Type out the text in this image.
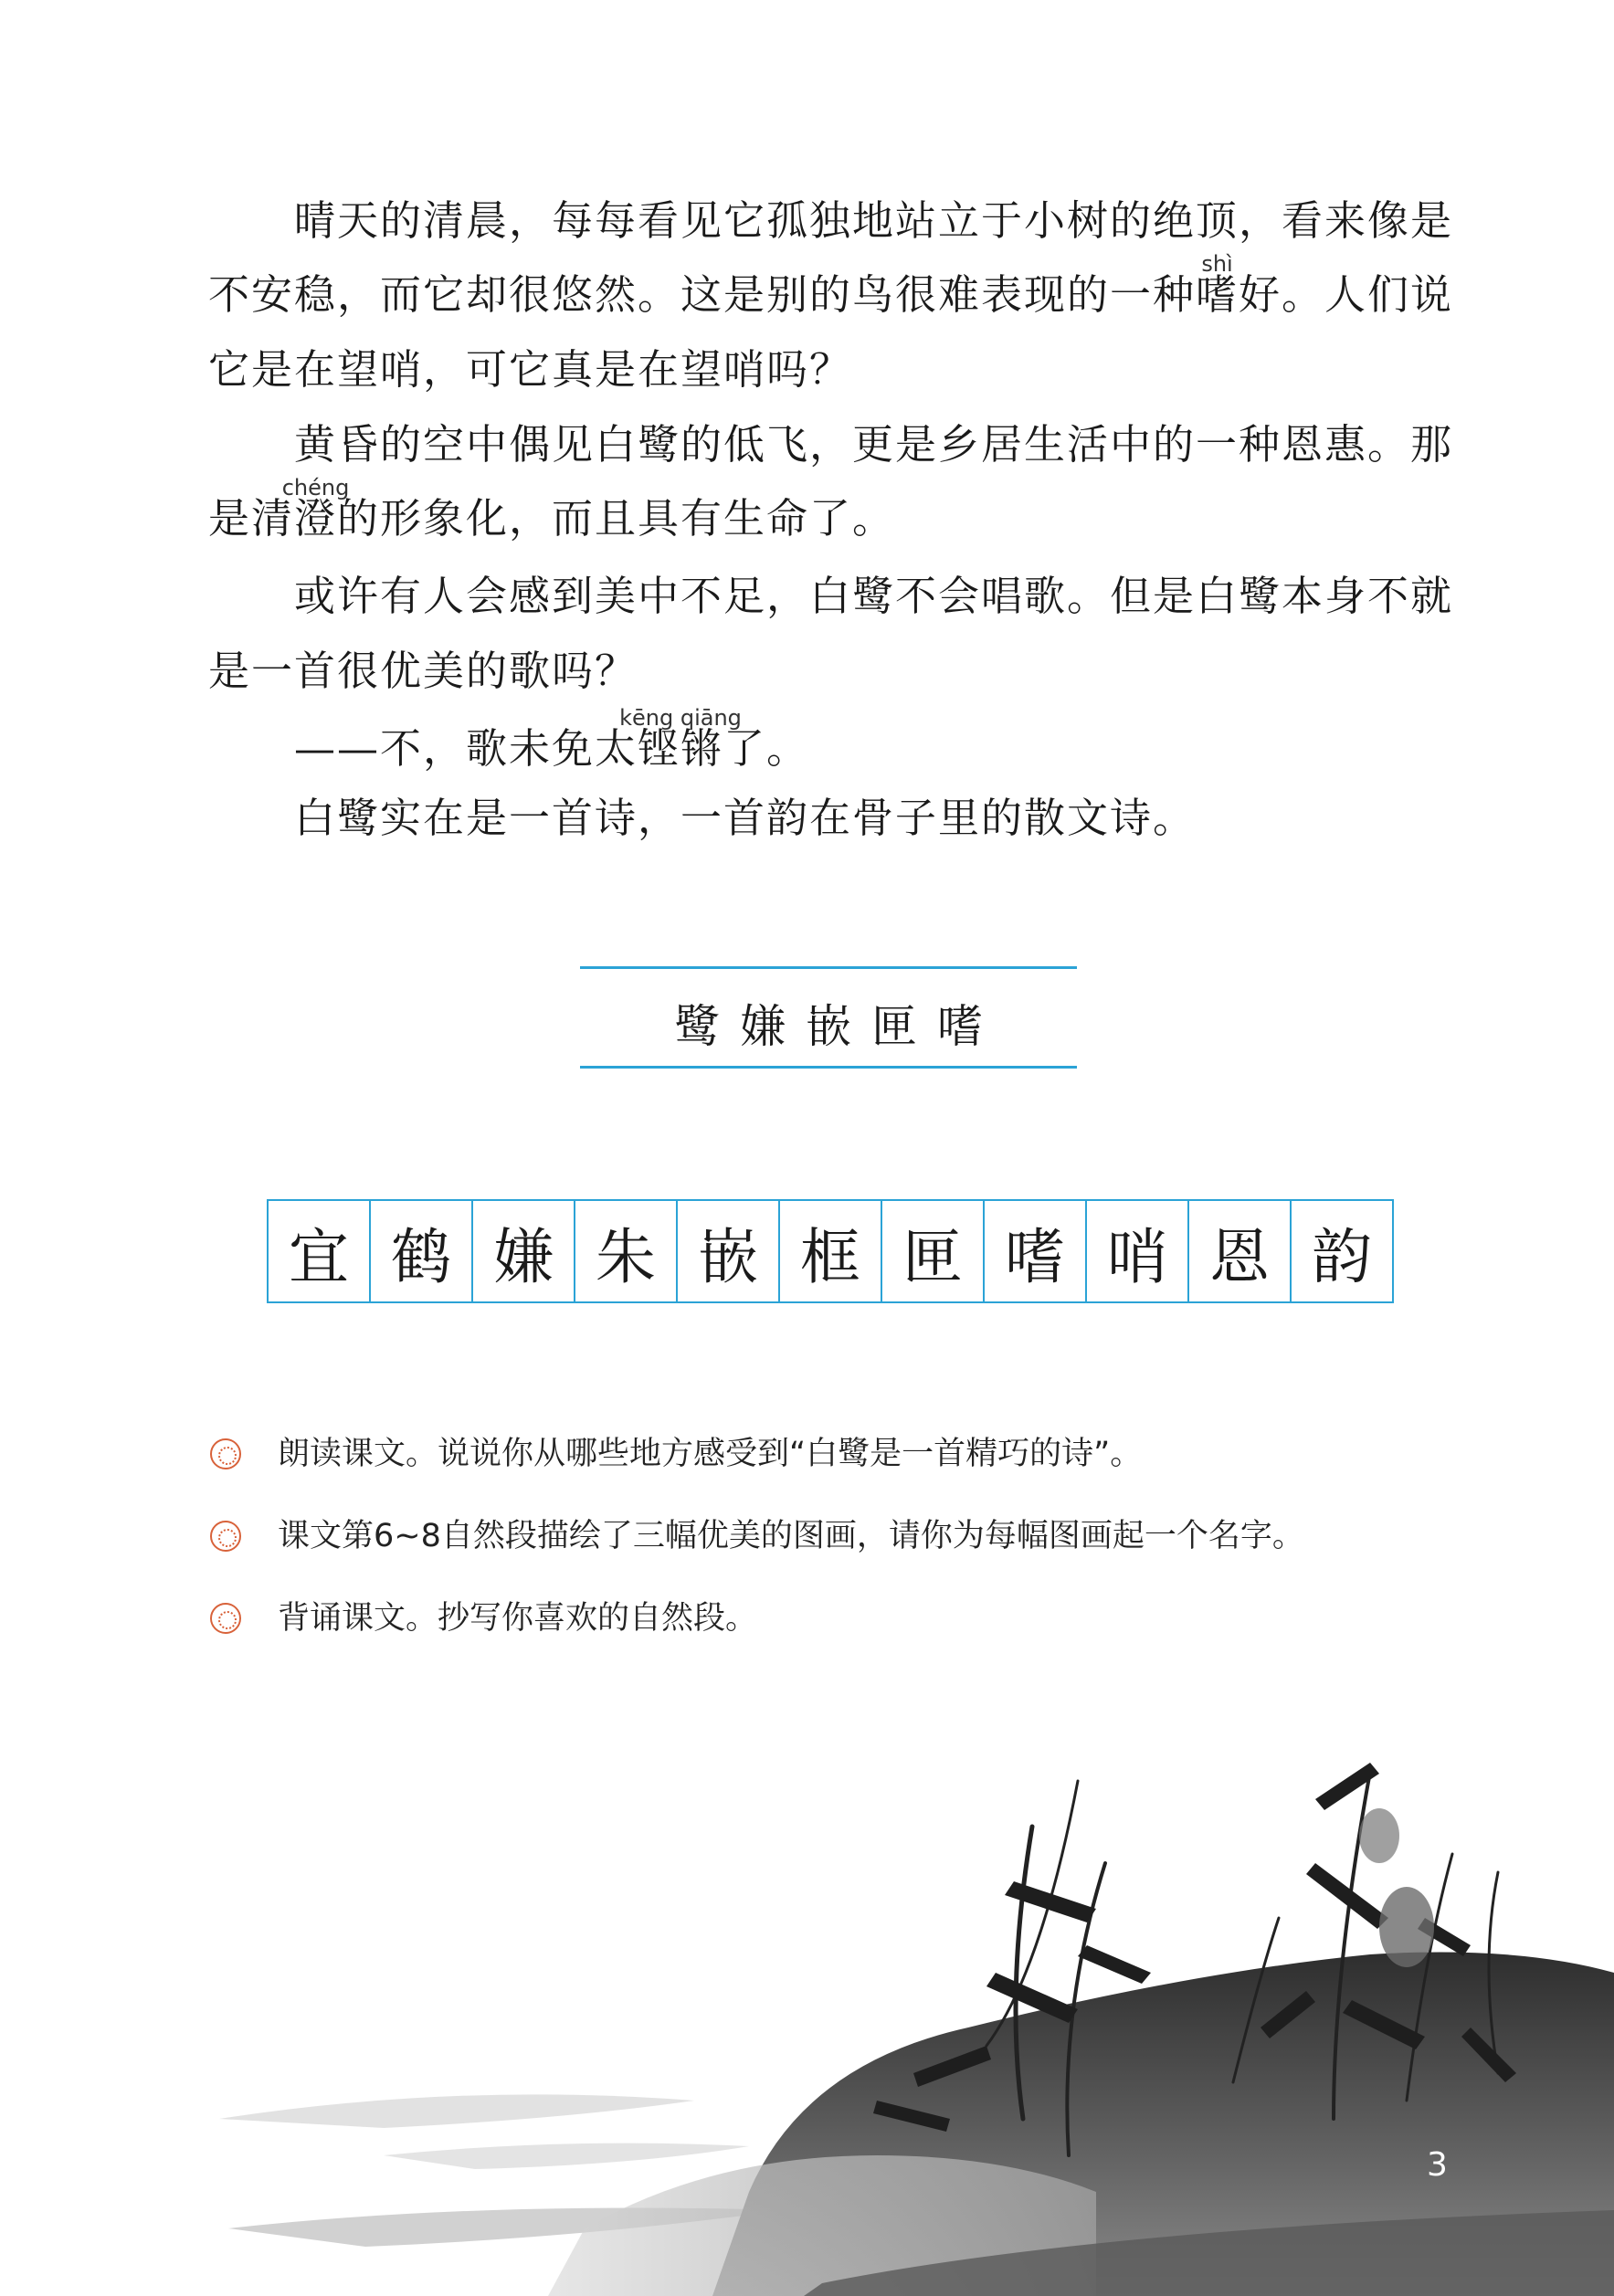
晴天的清晨，每每看见它孤独地站立于小树的绝顶，看来像是
不安稳，而它却很悠然。这是别的鸟很难表现的一种
shì
嗜好。人们说
它是在望哨，可它真是在望哨吗？
黄昏的空中偶见白鹭的低飞，更是乡居生活中的一种恩惠。那
是清
chéng
澄的形象化，而且具有生命了。
或许有人会感到美中不足，白鹭不会唱歌。但是白鹭本身不就
是一首很优美的歌吗？
——不，歌未免太
kēng qiāng
铿锵了。
白鹭实在是一首诗，一首韵在骨子里的散文诗。
鹭嫌嵌匣嗜
宜 鹤 嫌 朱 嵌 框 匣 嗜 哨 恩 韵
朗读课文。说说你从哪些地方感受到“白鹭是一首精巧的诗”。
课文第6~8自然段描绘了三幅优美的图画，请你为每幅图画起一个名字。
背诵课文。抄写你喜欢的自然段。
3
